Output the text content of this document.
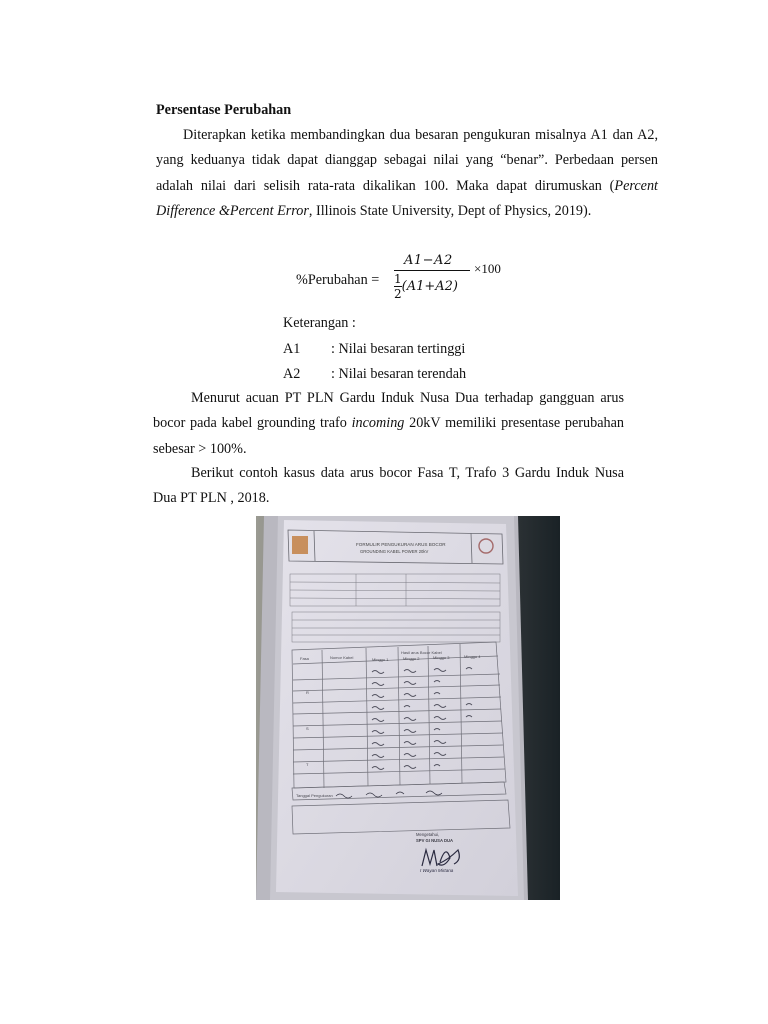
Persentase Perubahan
Diterapkan ketika membandingkan dua besaran pengukuran misalnya A1 dan A2, yang keduanya tidak dapat dianggap sebagai nilai yang “benar”. Perbedaan persen adalah nilai dari selisih rata-rata dikalikan 100. Maka dapat dirumuskan (Percent Difference &Percent Error, Illinois State University, Dept of Physics, 2019).
%Perubahan =
A1−A2
$\frac{1}{2}(A1+A2)$
×100
Keterangan :
A1 : Nilai besaran tertinggi
A2 : Nilai besaran terendah
Menurut acuan PT PLN Gardu Induk Nusa Dua terhadap gangguan arus bocor pada kabel grounding trafo incoming 20kV memiliki presentase perubahan sebesar > 100%.
Berikut contoh kasus data arus bocor Fasa T, Trafo 3 Gardu Induk Nusa Dua PT PLN , 2018.
FORMULIR PENGUKURAN ARUS BOCOR
GROUNDING KABEL POWER 20kV
Hasil arus Bocor Kabel
Fasa	Nomor Kabel	Minggu 1	Minggu 2	Minggu 3	Minggu 4
R
S
T
Tanggal Pengukuran
Mengetahui,
SPV GI NUSA DUA
I Wayan Mirtana
